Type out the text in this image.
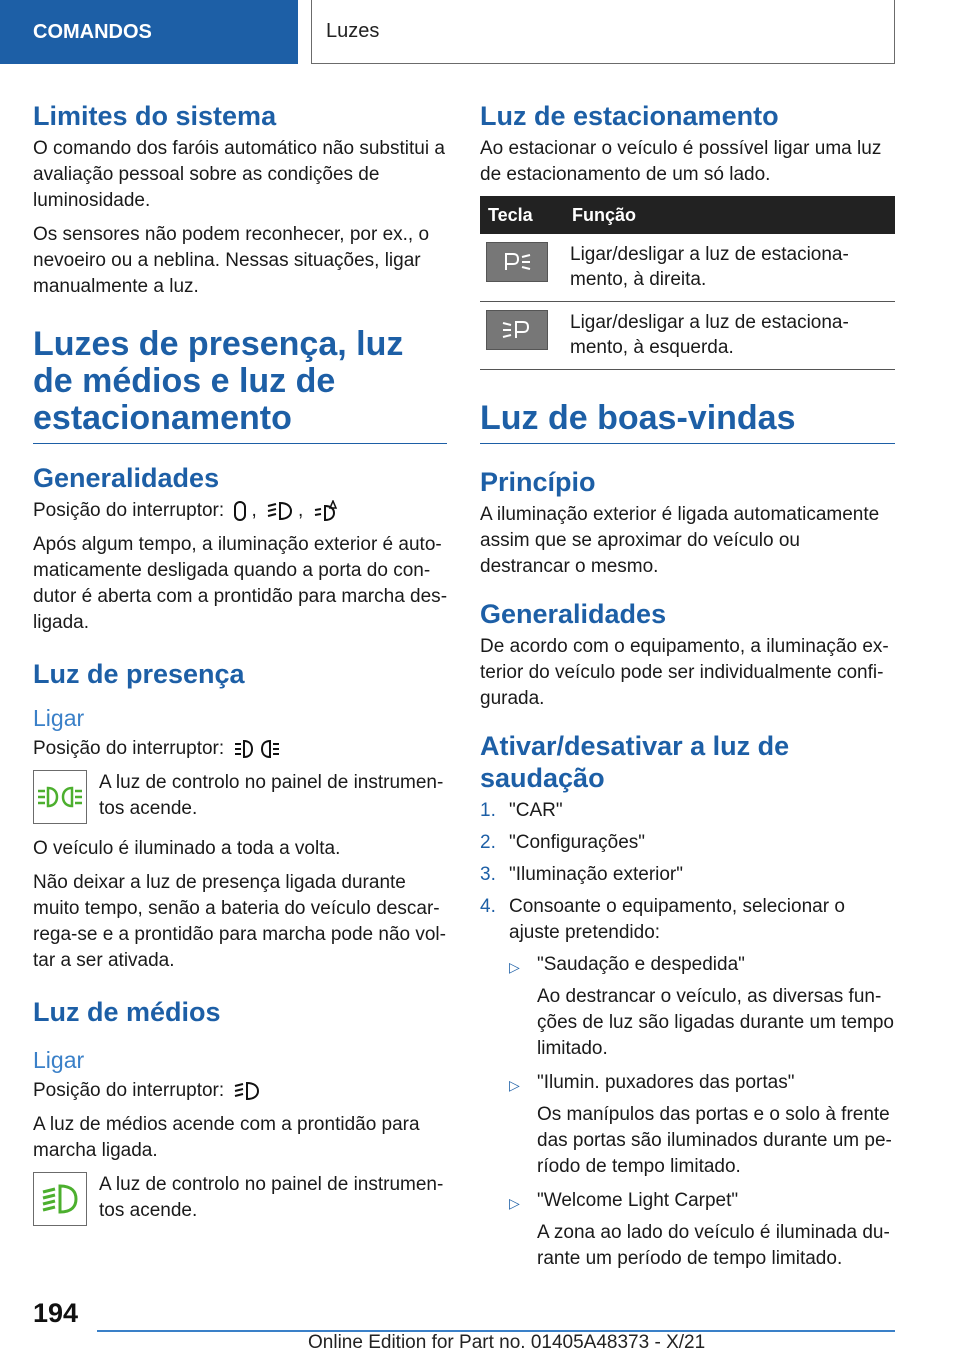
COMANDOS	Luzes
Limites do sistema

O comando dos faróis automático não substitui a avaliação pessoal sobre as condições de luminosidade.

Os sensores não podem reconhecer, por ex., o nevoeiro ou a neblina. Nessas situações, ligar manualmente a luz.

Luzes de presença, luz de médios e luz de estacionamento
Generalidades

Posição do interruptor: , ,

Após algum tempo, a iluminação exterior é automaticamente desligada quando a porta do condutor é aberta com a prontidão para marcha desligada.

Luz de presença
Ligar

Posição do interruptor:

A luz de controlo no painel de instrumentos acende.

O veículo é iluminado a toda a volta.

Não deixar a luz de presença ligada durante muito tempo, senão a bateria do veículo descarrega-se e a prontidão para marcha pode não voltar a ser ativada.

Luz de médios
Ligar

Posição do interruptor:

A luz de médios acende com a prontidão para marcha ligada.

A luz de controlo no painel de instrumentos acende.
Luz de estacionamento

Ao estacionar o veículo é possível ligar uma luz de estacionamento de um só lado.

Tecla	Função

	Ligar/desligar a luz de estacionamento, à direita.

	Ligar/desligar a luz de estacionamento, à esquerda.
Luz de boas-vindas
Princípio

A iluminação exterior é ligada automaticamente assim que se aproximar do veículo ou destrancar o mesmo.

Generalidades

De acordo com o equipamento, a iluminação exterior do veículo pode ser individualmente configurada.

Ativar/desativar a luz de saudação
1. "CAR"
2. "Configurações"
3. "Iluminação exterior"
4. Consoante o equipamento, selecionar o ajuste pretendido:
▷ "Saudação e despedida"
Ao destrancar o veículo, as diversas funções de luz são ligadas durante um tempo limitado.
▷ "Ilumin. puxadores das portas"
Os manípulos das portas e o solo à frente das portas são iluminados durante um período de tempo limitado.
▷ "Welcome Light Carpet"
A zona ao lado do veículo é iluminada durante um período de tempo limitado.
194
Online Edition for Part no. 01405A48373 - X/21
